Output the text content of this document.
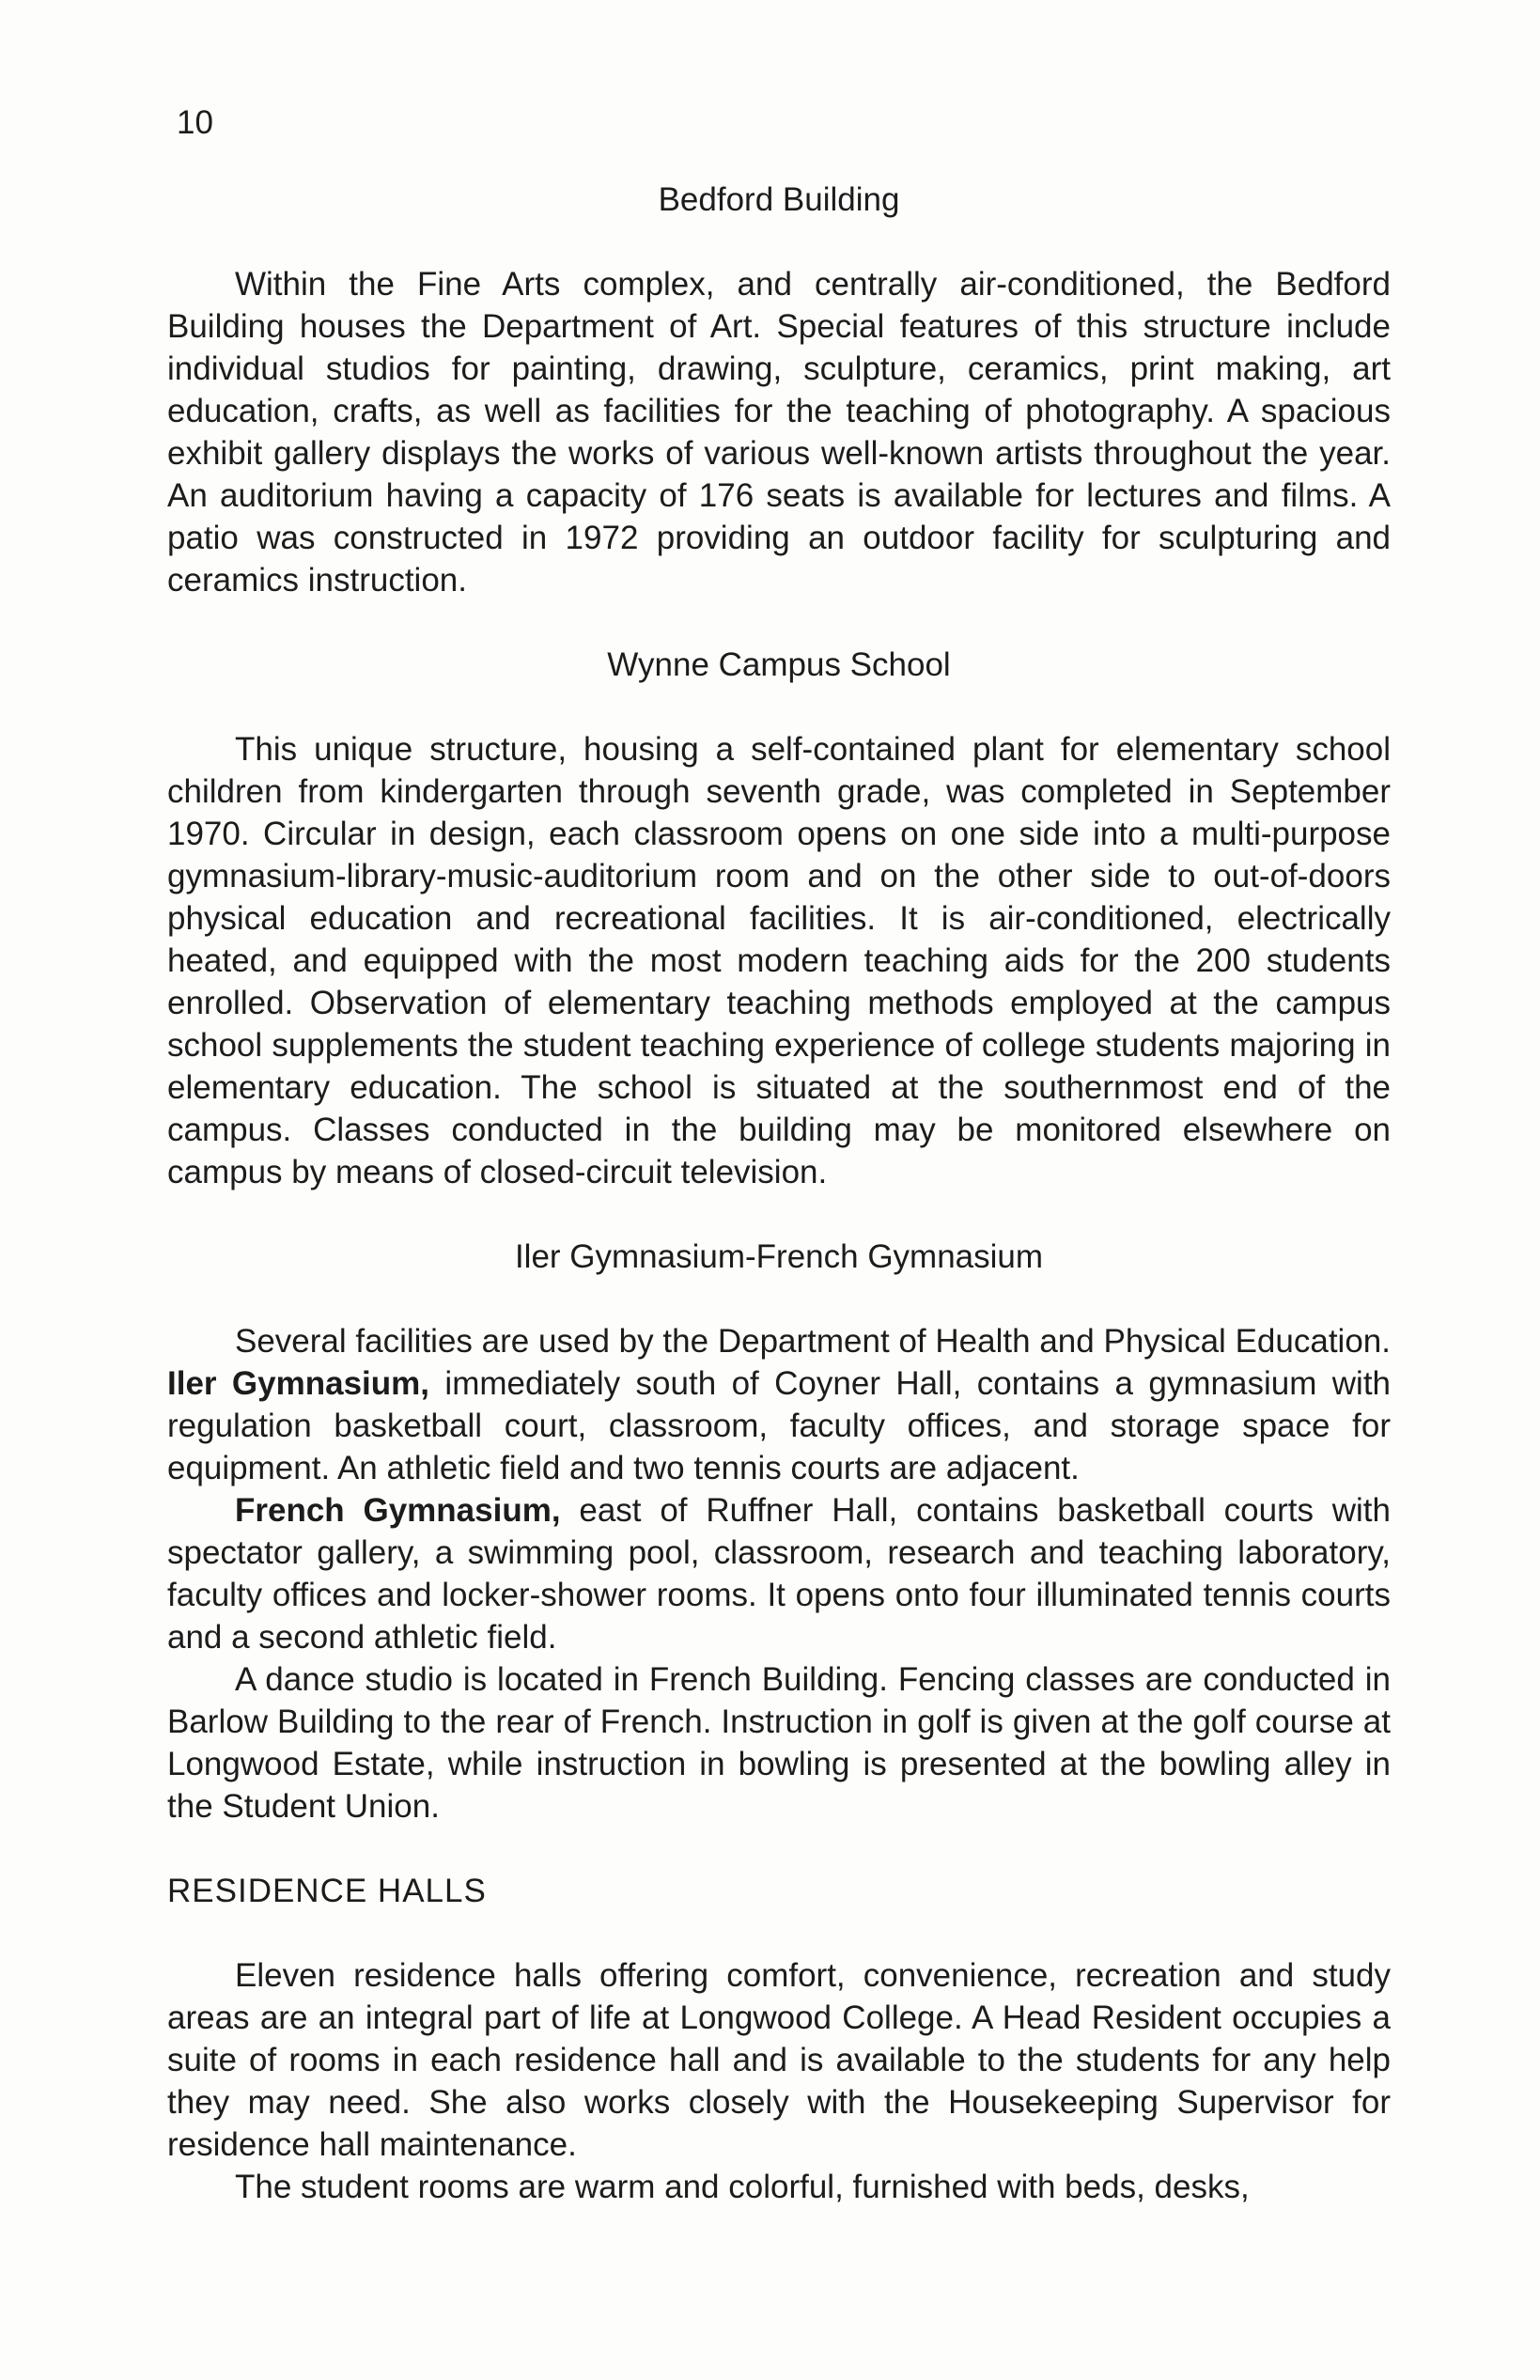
10
Bedford Building

Within the Fine Arts complex, and centrally air-conditioned, the Bedford Building houses the Department of Art. Special features of this structure include individual studios for painting, drawing, sculpture, ceramics, print making, art education, crafts, as well as facilities for the teaching of photography. A spacious exhibit gallery displays the works of various well-known artists throughout the year. An auditorium having a capacity of 176 seats is available for lectures and films. A patio was constructed in 1972 providing an outdoor facility for sculpturing and ceramics instruction.

Wynne Campus School

This unique structure, housing a self-contained plant for elementary school children from kindergarten through seventh grade, was completed in September 1970. Circular in design, each classroom opens on one side into a multi-purpose gymnasium-library-music-auditorium room and on the other side to out-of-doors physical education and recreational facilities. It is air-conditioned, electrically heated, and equipped with the most modern teaching aids for the 200 students enrolled. Observation of elementary teaching methods employed at the campus school supplements the student teaching experience of college students majoring in elementary education. The school is situated at the southernmost end of the campus. Classes conducted in the building may be monitored elsewhere on campus by means of closed-circuit television.

Iler Gymnasium-French Gymnasium

Several facilities are used by the Department of Health and Physical Education. Iler Gymnasium, immediately south of Coyner Hall, contains a gymnasium with regulation basketball court, classroom, faculty offices, and storage space for equipment. An athletic field and two tennis courts are adjacent.

French Gymnasium, east of Ruffner Hall, contains basketball courts with spectator gallery, a swimming pool, classroom, research and teaching laboratory, faculty offices and locker-shower rooms. It opens onto four illuminated tennis courts and a second athletic field.

A dance studio is located in French Building. Fencing classes are conducted in Barlow Building to the rear of French. Instruction in golf is given at the golf course at Longwood Estate, while instruction in bowling is presented at the bowling alley in the Student Union.

RESIDENCE HALLS

Eleven residence halls offering comfort, convenience, recreation and study areas are an integral part of life at Longwood College. A Head Resident occupies a suite of rooms in each residence hall and is available to the students for any help they may need. She also works closely with the Housekeeping Supervisor for residence hall maintenance.

The student rooms are warm and colorful, furnished with beds, desks,
